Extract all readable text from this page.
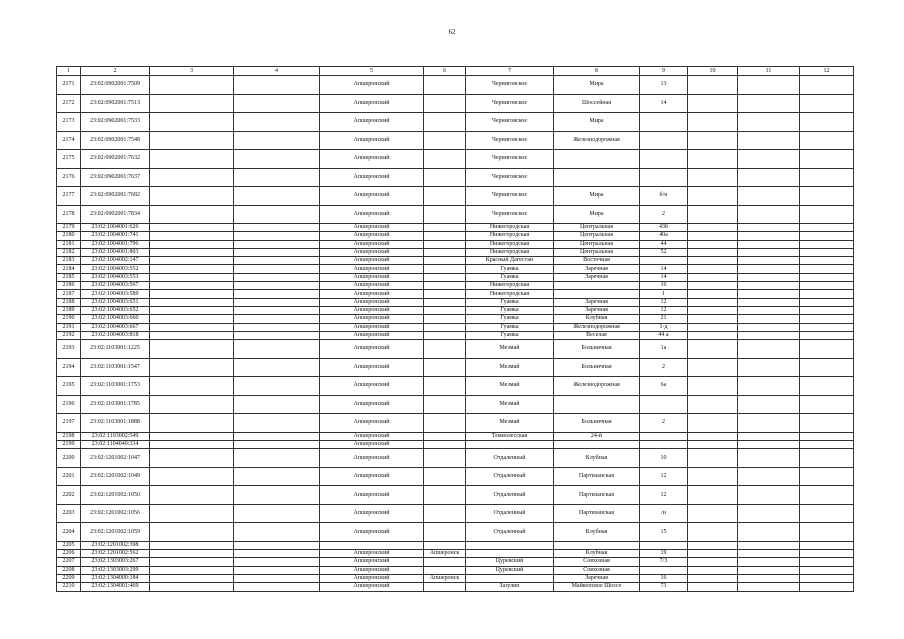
62
1	2	3	4	5	6	7	8	9	10	11	12
2171	23:02:0902001:7509			Апшеронский		Черниговское	Мира	13			
2172	23:02:0902001:7513			Апшеронский		Черниговское	Шоссейная	14			
2173	23:02:0902001:7533			Апшеронский		Черниговское	Мира				
2174	23:02:0902001:7548			Апшеронский		Черниговское	Железнодорожная				
2175	23:02:0902001:7632			Апшеронский		Черниговское					
2176	23:02:0902001:7637			Апшеронский		Черниговское					
2177	23:02:0902001:7682			Апшеронский		Черниговское	Мира	б/н			
2178	23:02:0902001:7834			Апшеронский		Черниговское	Мира	2			
2179	23:02:1004001:626			Апшеронский		Нижегородская	Центральная	43б			
2180	23:02:1004001:741			Апшеронский		Нижегородская	Центральная	40а			
2181	23:02:1004001:796			Апшеронский		Нижегородская	Центральная	44			
2182	23:02:1004001:803			Апшеронский		Нижегородская	Центральная	52			
2183	23:02:1004002:147			Апшеронский		Красный Дагестан	Восточная				
2184	23:02:1004003:552			Апшеронский		Гуамка	Заречная	14			
2185	23:02:1004003:553			Апшеронский		Гуамка	Заречная	14			
2186	23:02:1004003:567			Апшеронский		Нижегородская		16			
2187	23:02:1004003:589			Апшеронский		Нижегородская		1			
2188	23:02:1004003:651			Апшеронский		Гуамка	Заречная	12			
2189	23:02:1004003:652			Апшеронский		Гуамка	Заречная	12			
2190	23:02:1004003:660			Апшеронский		Гуамка	Клубная	21			
2191	23:02:1004003:667			Апшеронский		Гуамка	Железнодорожная	1-д			
2192	23:02:1004003:818			Апшеронский		Гуамка	Веселая	44 а			
2193	23:02:1103001:1225			Апшеронский		Мезмай	Больничная	1а			
2194	23:02:1103001:1547			Апшеронский		Мезмай	Больничная	2			
2195	23:02:1103001:1753			Апшеронский		Мезмай	Железнодорожная	6а			
2196	23:02:1103001:1785			Апшеронский		Мезмай					
2197	23:02:1103001:1888			Апшеронский		Мезмай	Больничная	2			
2198	23:02:1103002:549			Апшеронский		Темнолесская	24-й				
2199	23:02:1104040:334			Апшеронский							
2200	23:02:1201002:1047			Апшеронский		Отдаленный	Клубная	10			
2201	23:02:1201002:1049			Апшеронский		Отдаленный	Партизанская	12			
2202	23:02:1201002:1050			Апшеронский		Отдаленный	Партизанская	12			
2203	23:02:1201002:1056			Апшеронский		Отдаленный	Партизанская	/н			
2204	23:02:1201002:1059			Апшеронский		Отдаленный	Клубная	15			
2205	23:02:1201002:398										
2206	23:02:1201002:562			Апшеронский	Апшеронск		Клубная	19			
2207	23:02:1303003:267			Апшеронский		Цуревский	Совхозная	7/3			
2208	23:02:1303003:299			Апшеронский		Цуревский	Совхозная				
2209	23:02:1304000:184			Апшеронский	Апшеронск		Заречная	16			
2210	23:02:1304001:469			Апшеронский		Зазулин	Майкопское Шоссе	73			
